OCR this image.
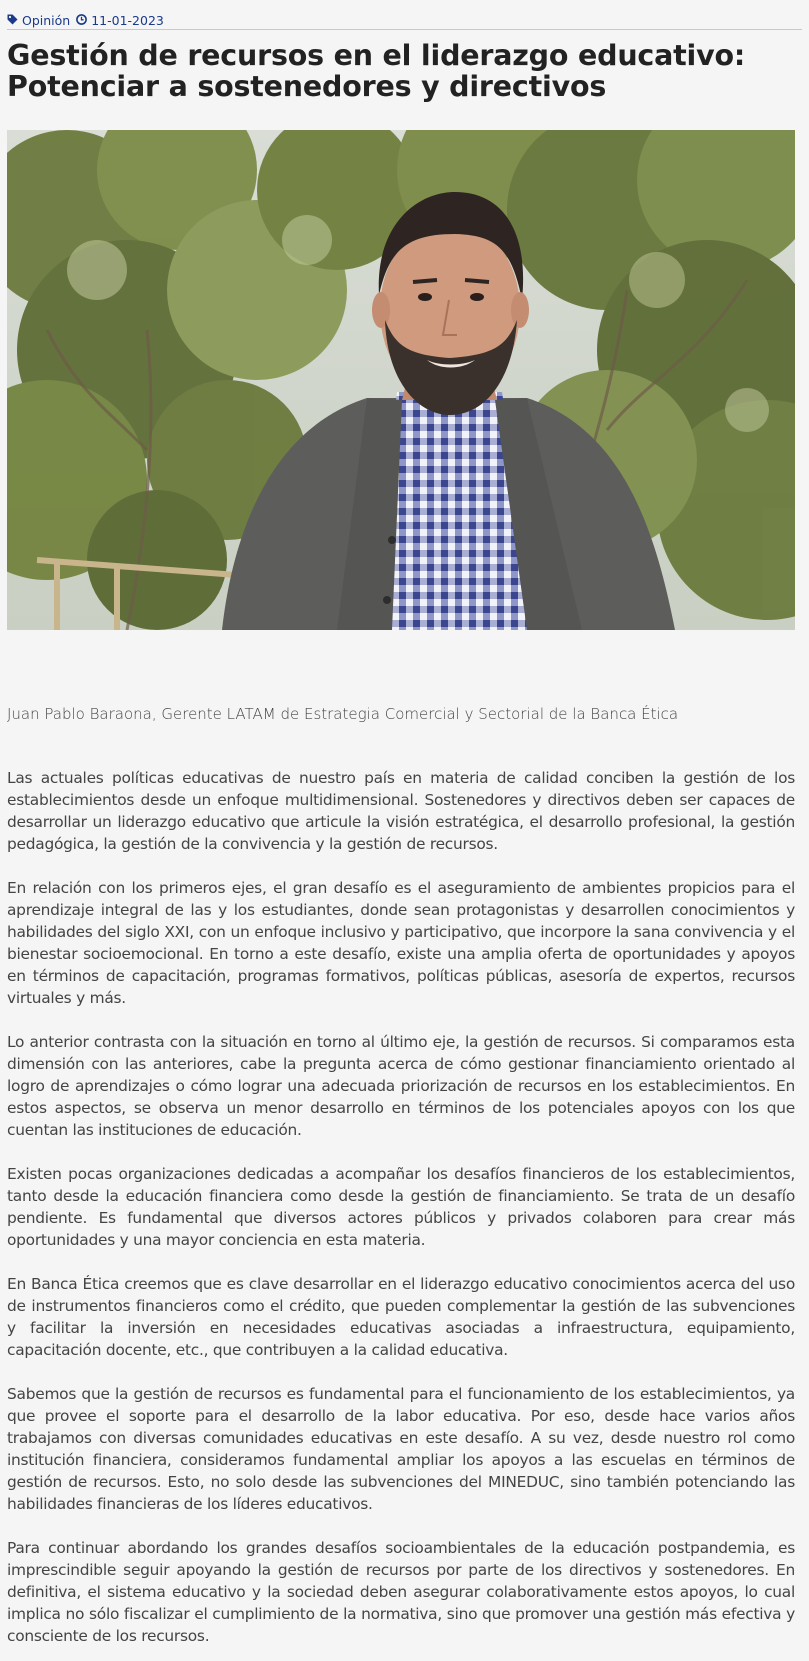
Opinión 11-01-2023
Gestión de recursos en el liderazgo educativo: Potenciar a sostenedores y directivos
Juan Pablo Baraona, Gerente LATAM de Estrategia Comercial y Sectorial de la Banca Ética

Las actuales políticas educativas de nuestro país en materia de calidad conciben la gestión de los establecimientos desde un enfoque multidimensional. Sostenedores y directivos deben ser capaces de desarrollar un liderazgo educativo que articule la visión estratégica, el desarrollo profesional, la gestión pedagógica, la gestión de la convivencia y la gestión de recursos.

En relación con los primeros ejes, el gran desafío es el aseguramiento de ambientes propicios para el aprendizaje integral de las y los estudiantes, donde sean protagonistas y desarrollen conocimientos y habilidades del siglo XXI, con un enfoque inclusivo y participativo, que incorpore la sana convivencia y el bienestar socioemocional. En torno a este desafío, existe una amplia oferta de oportunidades y apoyos en términos de capacitación, programas formativos, políticas públicas, asesoría de expertos, recursos virtuales y más.

Lo anterior contrasta con la situación en torno al último eje, la gestión de recursos. Si comparamos esta dimensión con las anteriores, cabe la pregunta acerca de cómo gestionar financiamiento orientado al logro de aprendizajes o cómo lograr una adecuada priorización de recursos en los establecimientos. En estos aspectos, se observa un menor desarrollo en términos de los potenciales apoyos con los que cuentan las instituciones de educación.

Existen pocas organizaciones dedicadas a acompañar los desafíos financieros de los establecimientos, tanto desde la educación financiera como desde la gestión de financiamiento. Se trata de un desafío pendiente. Es fundamental que diversos actores públicos y privados colaboren para crear más oportunidades y una mayor conciencia en esta materia.

En Banca Ética creemos que es clave desarrollar en el liderazgo educativo conocimientos acerca del uso de instrumentos financieros como el crédito, que pueden complementar la gestión de las subvenciones y facilitar la inversión en necesidades educativas asociadas a infraestructura, equipamiento, capacitación docente, etc., que contribuyen a la calidad educativa.

Sabemos que la gestión de recursos es fundamental para el funcionamiento de los establecimientos, ya que provee el soporte para el desarrollo de la labor educativa. Por eso, desde hace varios años trabajamos con diversas comunidades educativas en este desafío. A su vez, desde nuestro rol como institución financiera, consideramos fundamental ampliar los apoyos a las escuelas en términos de gestión de recursos. Esto, no solo desde las subvenciones del MINEDUC, sino también potenciando las habilidades financieras de los líderes educativos.

Para continuar abordando los grandes desafíos socioambientales de la educación postpandemia, es imprescindible seguir apoyando la gestión de recursos por parte de los directivos y sostenedores. En definitiva, el sistema educativo y la sociedad deben asegurar colaborativamente estos apoyos, lo cual implica no sólo fiscalizar el cumplimiento de la normativa, sino que promover una gestión más efectiva y consciente de los recursos.
